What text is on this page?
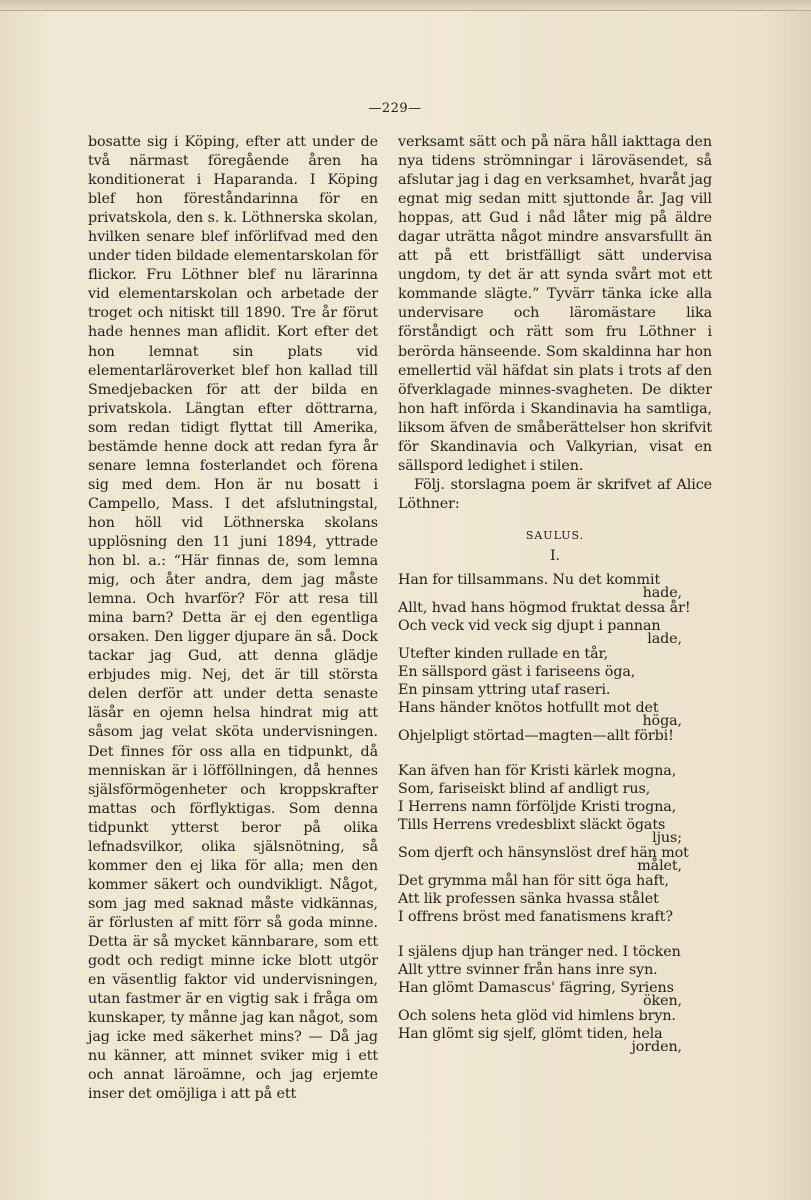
—229—

bosatte sig i Köping, efter att under de två närmast föregående åren ha konditionerat i Haparanda. I Köping blef hon föreståndarinna för en privatskola, den s. k. Löthnerska skolan, hvilken senare blef införlifvad med den under tiden bildade elementarskolan för flickor. Fru Löthner blef nu lärarinna vid elementarskolan och arbetade der troget och nitiskt till 1890. Tre år förut hade hennes man aflidit. Kort efter det hon lemnat sin plats vid elementarläroverket blef hon kallad till Smedjebacken för att der bilda en privatskola. Längtan efter döttrarna, som redan tidigt flyttat till Amerika, bestämde henne dock att redan fyra år senare lemna fosterlandet och förena sig med dem. Hon är nu bosatt i Campello, Mass. I det afslutningstal, hon höll vid Löthnerska skolans upplösning den 11 juni 1894, yttrade hon bl. a.: “Här finnas de, som lemna mig, och åter andra, dem jag måste lemna. Och hvarför? För att resa till mina barn? Detta är ej den egentliga orsaken. Den ligger djupare än så. Dock tackar jag Gud, att denna glädje erbjudes mig. Nej, det är till största delen derför att under detta senaste läsår en ojemn helsa hindrat mig att såsom jag velat sköta undervisningen. Det finnes för oss alla en tidpunkt, då menniskan är i löfföllningen, då hennes själsförmögenheter och kroppskrafter mattas och förflyktigas. Som denna tidpunkt ytterst beror på olika lefnadsvilkor, olika själsnötning, så kommer den ej lika för alla; men den kommer säkert och oundvikligt. Något, som jag med saknad måste vidkännas, är förlusten af mitt förr så goda minne. Detta är så mycket kännbarare, som ett godt och redigt minne icke blott utgör en väsentlig faktor vid undervisningen, utan fastmer är en vigtig sak i fråga om kunskaper, ty månne jag kan något, som jag icke med säkerhet mins? — Då jag nu känner, att minnet sviker mig i ett och annat läroämne, och jag erjemte inser det omöjliga i att på ett

verksamt sätt och på nära håll iakttaga den nya tidens strömningar i läroväsendet, så afslutar jag i dag en verksamhet, hvaråt jag egnat mig sedan mitt sjuttonde år. Jag vill hoppas, att Gud i nåd låter mig på äldre dagar uträtta något mindre ansvarsfullt än att på ett bristfälligt sätt undervisa ungdom, ty det är att synda svårt mot ett kommande slägte.” Tyvärr tänka icke alla undervisare och läromästare lika förståndigt och rätt som fru Löthner i berörda hänseende. Som skaldinna har hon emellertid väl häfdat sin plats i trots af den öfverklagade minnes-svagheten. De dikter hon haft införda i Skandinavia ha samtliga, liksom äfven de småberättelser hon skrifvit för Skandinavia och Valkyrian, visat en sällspord ledighet i stilen.

Följ. storslagna poem är skrifvet af Alice Löthner:

SAULUS.
I.
Han for tillsammans. Nu det kommit
hade,
Allt, hvad hans högmod fruktat dessa år!
Och veck vid veck sig djupt i pannan
lade,
Utefter kinden rullade en tår,
En sällspord gäst i fariseens öga,
En pinsam yttring utaf raseri.
Hans händer knötos hotfullt mot det
höga,
Ohjelpligt störtad—magten—allt förbi!
Kan äfven han för Kristi kärlek mogna,
Som, fariseiskt blind af andligt rus,
I Herrens namn förföljde Kristi trogna,
Tills Herrens vredesblixt släckt ögats
ljus;
Som djerft och hänsynslöst dref hän mot
målet,
Det grymma mål han för sitt öga haft,
Att lik professen sänka hvassa stålet
I offrens bröst med fanatismens kraft?
I själens djup han tränger ned. I töcken
Allt yttre svinner från hans inre syn.
Han glömt Damascus' fägring, Syriens
öken,
Och solens heta glöd vid himlens bryn.
Han glömt sig sjelf, glömt tiden, hela
jorden,
